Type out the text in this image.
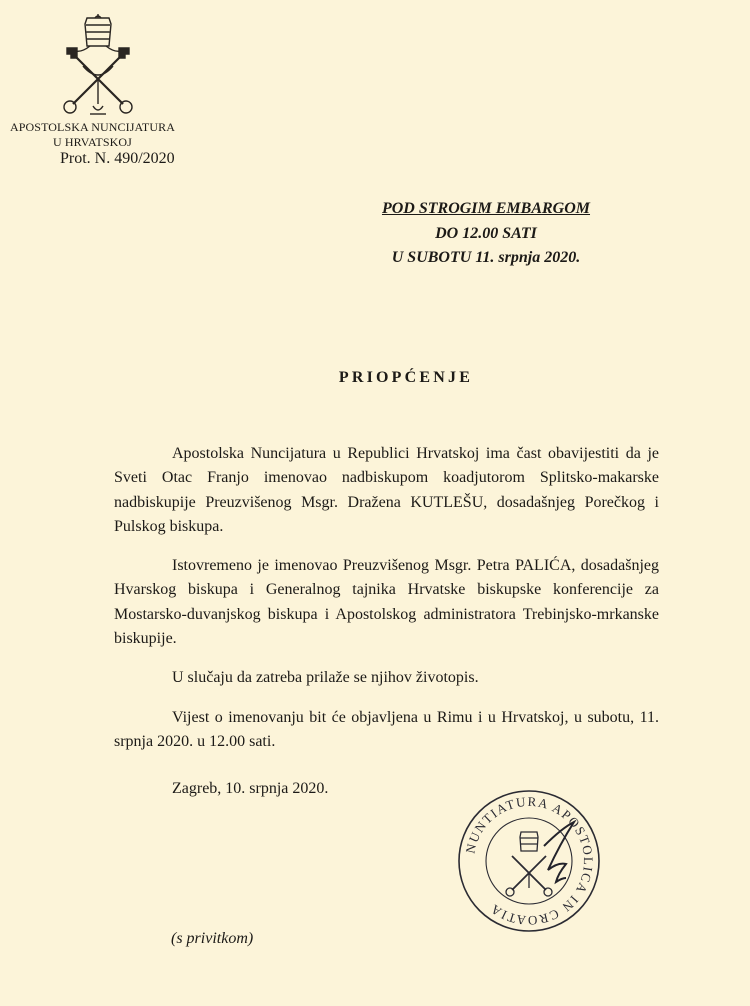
APOSTOLSKA NUNCIJATURA
U HRVATSKOJ
Prot. N. 490/2020
POD STROGIM EMBARGOM
DO 12.00 SATI
U SUBOTU 11. srpnja 2020.
PRIOPĆENJE

Apostolska Nuncijatura u Republici Hrvatskoj ima čast obavijestiti da je Sveti Otac Franjo imenovao nadbiskupom koadjutorom Splitsko-makarske nadbiskupije Preuzvišenog Msgr. Dražena KUTLEŠU, dosadašnjeg Porečkog i Pulskog biskupa.

Istovremeno je imenovao Preuzvišenog Msgr. Petra PALIĆA, dosadašnjeg Hvarskog biskupa i Generalnog tajnika Hrvatske biskupske konferencije za Mostarsko-duvanjskog biskupa i Apostolskog administratora Trebinjsko-mrkanske biskupije.

U slučaju da zatreba prilaže se njihov životopis.

Vijest o imenovanju bit će objavljena u Rimu i u Hrvatskoj, u subotu, 11. srpnja 2020. u 12.00 sati.

Zagreb, 10. srpnja 2020.

NUNTIATURA APOSTOLICA IN CROATIA
(s privitkom)
